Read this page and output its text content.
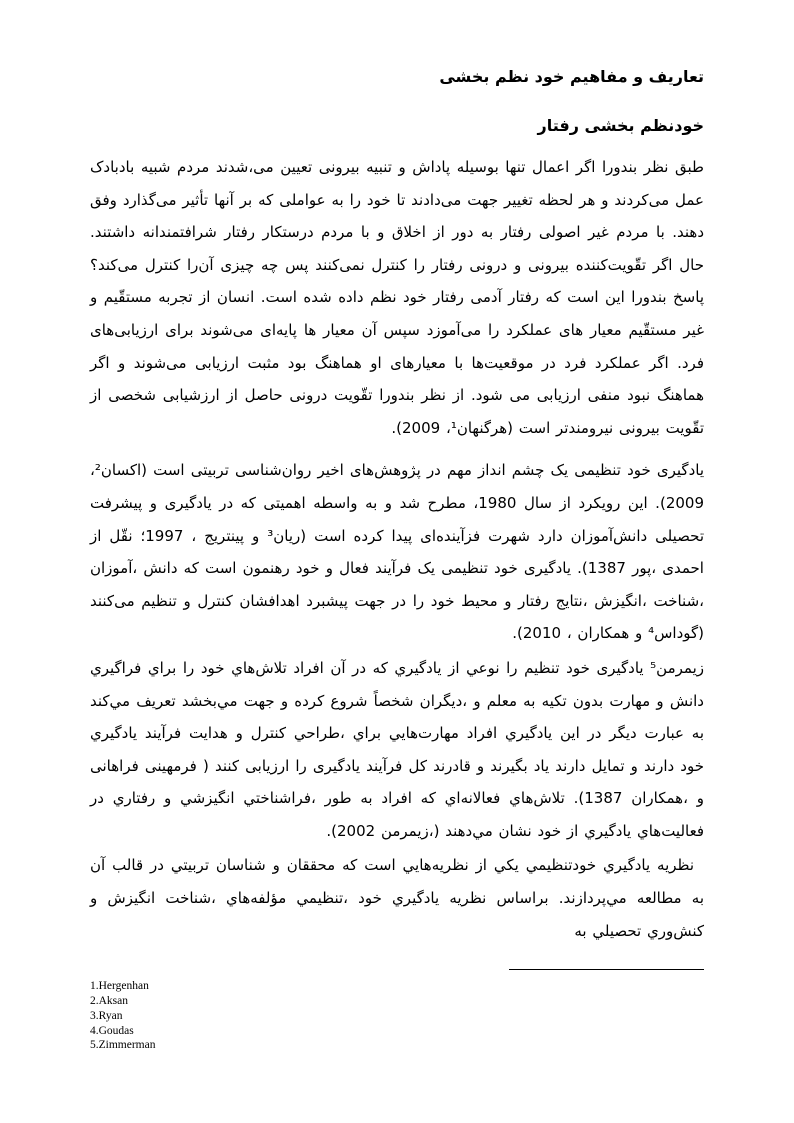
تعاريف و مفاهيم خود نظم بخشی
خودنظم بخشی رفتار

طبق نظر بندورا اگر اعمال تنها بوسيله پاداش و تنبيه بيرونی تعيين می،شدند مردم شبيه بادبادک عمل می‌کردند و هر لحظه تغيير جهت می‌دادند تا خود را به عواملی که بر آنها تأثير می‌گذارد وفق دهند. با مردم غير اصولی رفتار به دور از اخلاق و با مردم درستکار رفتار شرافتمندانه داشتند. حال اگر تقّويت‌کننده بيرونی و درونی رفتار را کنترل نمی‌کنند پس چه چيزی آن‌را کنترل می‌کند؟ پاسخ بندورا اين است که رفتار آدمی رفتار خود نظم داده شده است. انسان از تجربه مستقّيم و غير مستقّيم معيار های عملکرد را می‌آموزد سپس آن معيار ها پايه‌ای می‌شوند برای ارزيابی‌های فرد. اگر عملکرد فرد در موقعيت‌ها با معيارهای او هماهنگ بود مثبت ارزيابی می‌شوند و اگر هماهنگ نبود منفی ارزيابی می شود. از نظر بندورا تقّويت درونی حاصل از ارزشيابی شخصی از تقّويت بيرونی نيرومندتر است (هرگنهان¹، 2009).

يادگيری خود تنظيمی يک چشم انداز مهم در پژوهش‌های اخير روان‌شناسی تربيتی است (اکسان²، 2009). اين رويکرد از سال 1980، مطرح شد و به واسطه اهميتی که در يادگيری و پيشرفت تحصيلی دانش‌آموزان دارد شهرت فزآينده‌ای پيدا کرده است (ريان³ و پينتريج ، 1997؛ نقّل از احمدی ،پور 1387). يادگيری خود تنظيمی يک فرآيند فعال و خود رهنمون است که دانش ،آموزان ،شناخت ،انگيزش ،نتايج رفتار و محيط خود را در جهت پيشبرد اهدافشان کنترل و تنظيم می‌کنند (گوداس⁴ و همکاران ، 2010).

زيمرمن⁵ يادگيری خود تنظيم را نوعي از يادگيري که در آن افراد تلاش‌هاي خود را براي فراگيري دانش و مهارت بدون تکيه به معلم و ،ديگران شخصاً شروع کرده و جهت مي‌بخشد تعريف مي‌کند به عبارت ديگر در اين يادگيري افراد مهارت‌هايي براي ،طراحي کنترل و هدايت فرآيند يادگيري خود دارند و تمايل دارند ياد بگيرند و قادرند کل فرآيند يادگيری را ارزيابی کنند ( فرمهينی فراهانی و ،همکاران 1387). تلاش‌هاي فعالانه‌اي که افراد به طور ،فراشناختي انگيزشي و رفتاري در فعاليت‌هاي يادگيري از خود نشان مي‌دهند (،زيمرمن 2002).

نظريه يادگيري خودتنظيمي يکي از نظريه‌هايي است که محققان و شناسان تربيتي در قالب آن به مطالعه مي‌پردازند. براساس نظريه يادگيري خود ،تنظيمي مؤلفه‌هاي ،شناخت انگيزش و کنش‌وري تحصيلي به

1.Hergenhan
2.Aksan
3.Ryan
4.Goudas
5.Zimmerman
